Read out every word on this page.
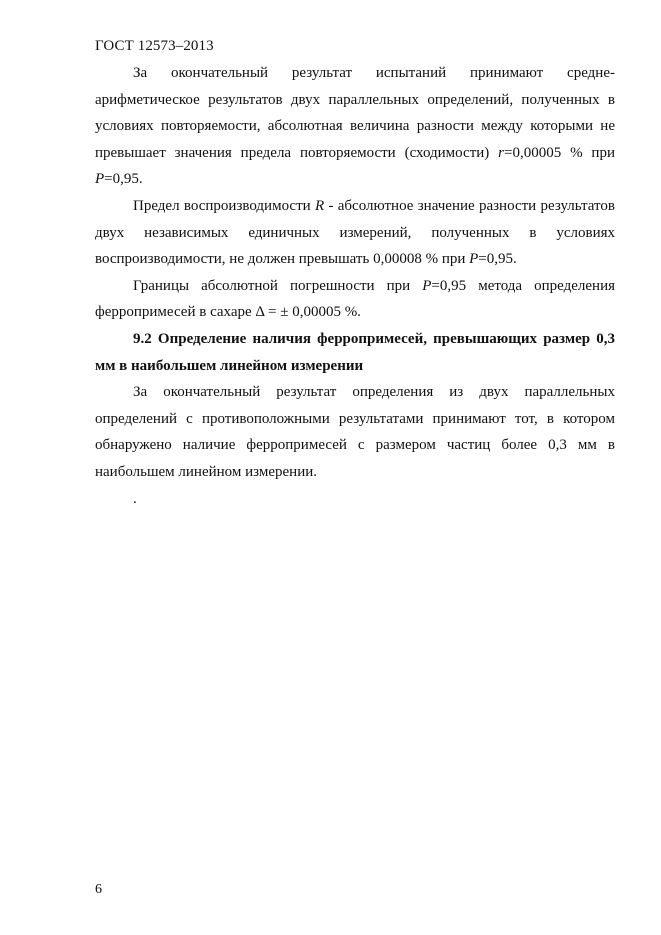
ГОСТ 12573–2013

За окончательный результат испытаний принимают средне-арифметическое результатов двух параллельных определений, полученных в условиях повторяемости, абсолютная величина разности между которыми не превышает значения предела повторяемости (сходимости) r=0,00005 % при P=0,95.

Предел воспроизводимости R - абсолютное значение разности результатов двух независимых единичных измерений, полученных в условиях воспроизводимости, не должен превышать 0,00008 % при P=0,95.

Границы абсолютной погрешности при P=0,95 метода определения ферропримесей в сахаре Δ = ± 0,00005 %.

9.2 Определение наличия ферропримесей, превышающих размер 0,3 мм в наибольшем линейном измерении

За окончательный результат определения из двух параллельных определений с противоположными результатами принимают тот, в котором обнаружено наличие ферропримесей с размером частиц более 0,3 мм в наибольшем линейном измерении.

.

6
